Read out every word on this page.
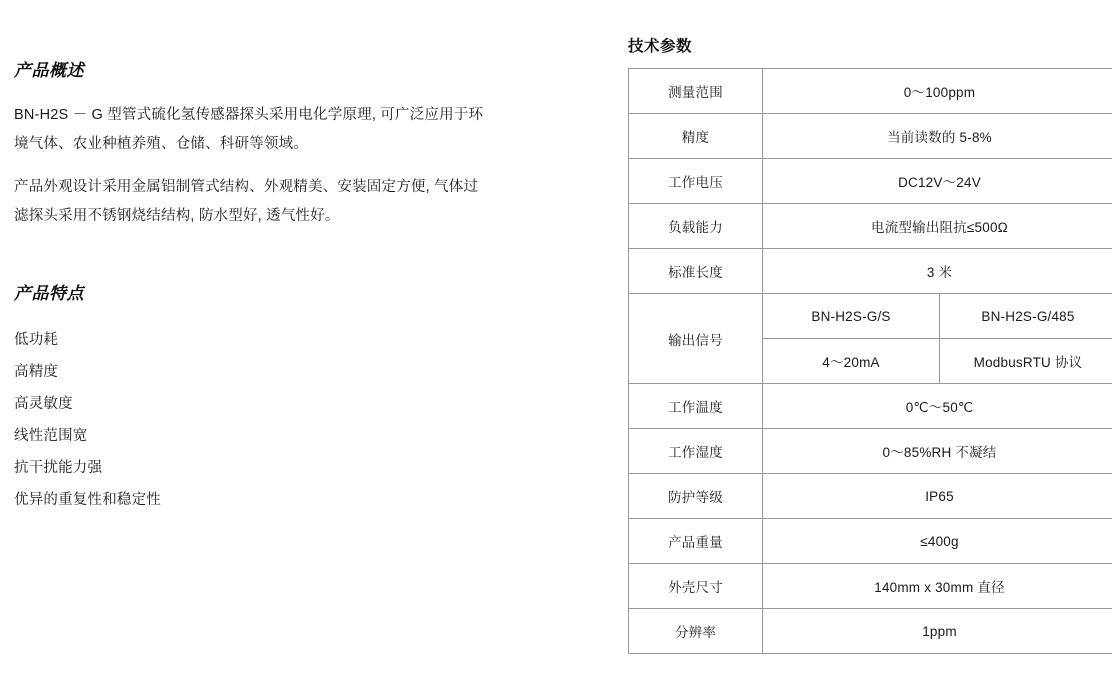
产品概述

BN-H2S － G 型管式硫化氢传感器探头采用电化学原理, 可广泛应用于环境气体、农业种植养殖、仓储、科研等领域。

产品外观设计采用金属铝制管式结构、外观精美、安装固定方便, 气体过滤探头采用不锈钢烧结结构, 防水型好, 透气性好。

产品特点
低功耗
高精度
高灵敏度
线性范围宽
抗干扰能力强
优异的重复性和稳定性
技术参数
测量范围	0～100ppm	
精度	当前读数的 5-8%	
工作电压	DC12V～24V	
负载能力	电流型输出阻抗≤500Ω	
标准长度	3 米	
输出信号	BN-H2S-G/S	BN-H2S-G/485
	4～20mA	ModbusRTU 协议
工作温度	0℃～50℃	
工作湿度	0～85%RH 不凝结	
防护等级	IP65	
产品重量	≤400g	
外壳尺寸	140mm x 30mm 直径	
分辨率	1ppm	
